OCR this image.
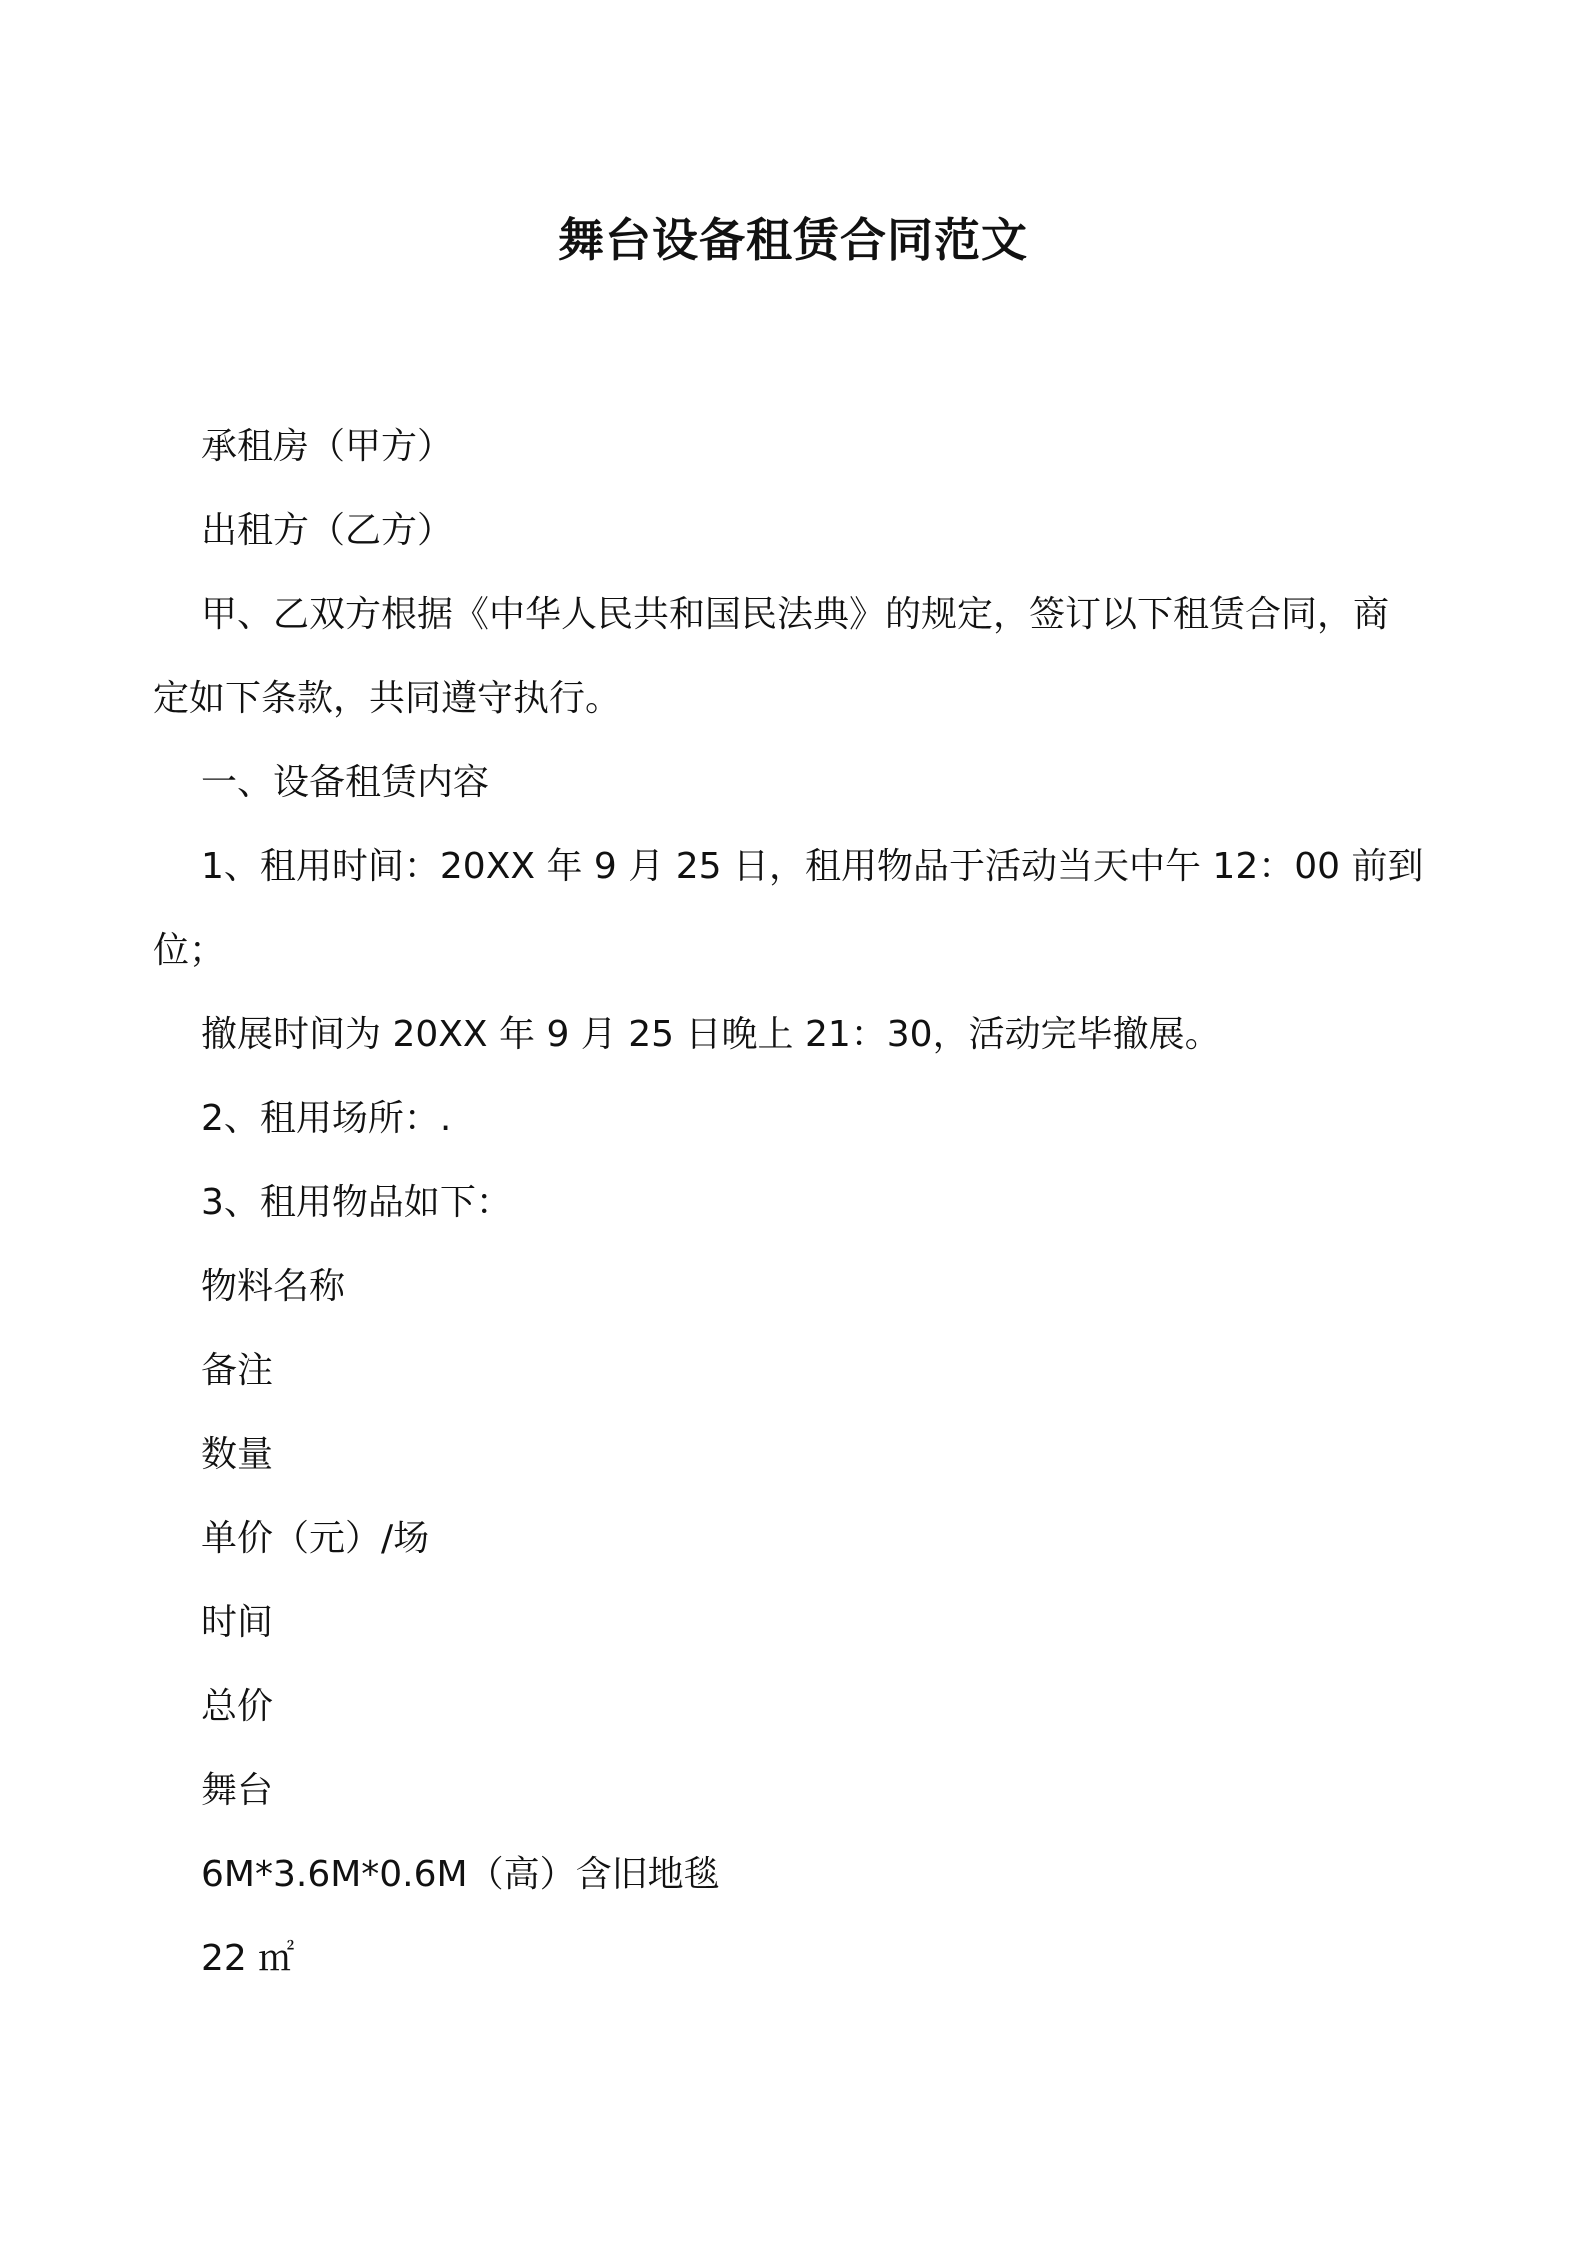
舞台设备租赁合同范文

承租房（甲方）

出租方（乙方）

甲、乙双方根据《中华人民共和国民法典》的规定，签订以下租赁合同，商

定如下条款，共同遵守执行。

一、设备租赁内容

1、租用时间：20XX 年 9 月 25 日，租用物品于活动当天中午 12：00 前到

位；

撤展时间为 20XX 年 9 月 25 日晚上 21：30，活动完毕撤展。

2、租用场所：.

3、租用物品如下：

物料名称

备注

数量

单价（元）/场

时间

总价

舞台

6M*3.6M*0.6M（高）含旧地毯

22 ㎡
